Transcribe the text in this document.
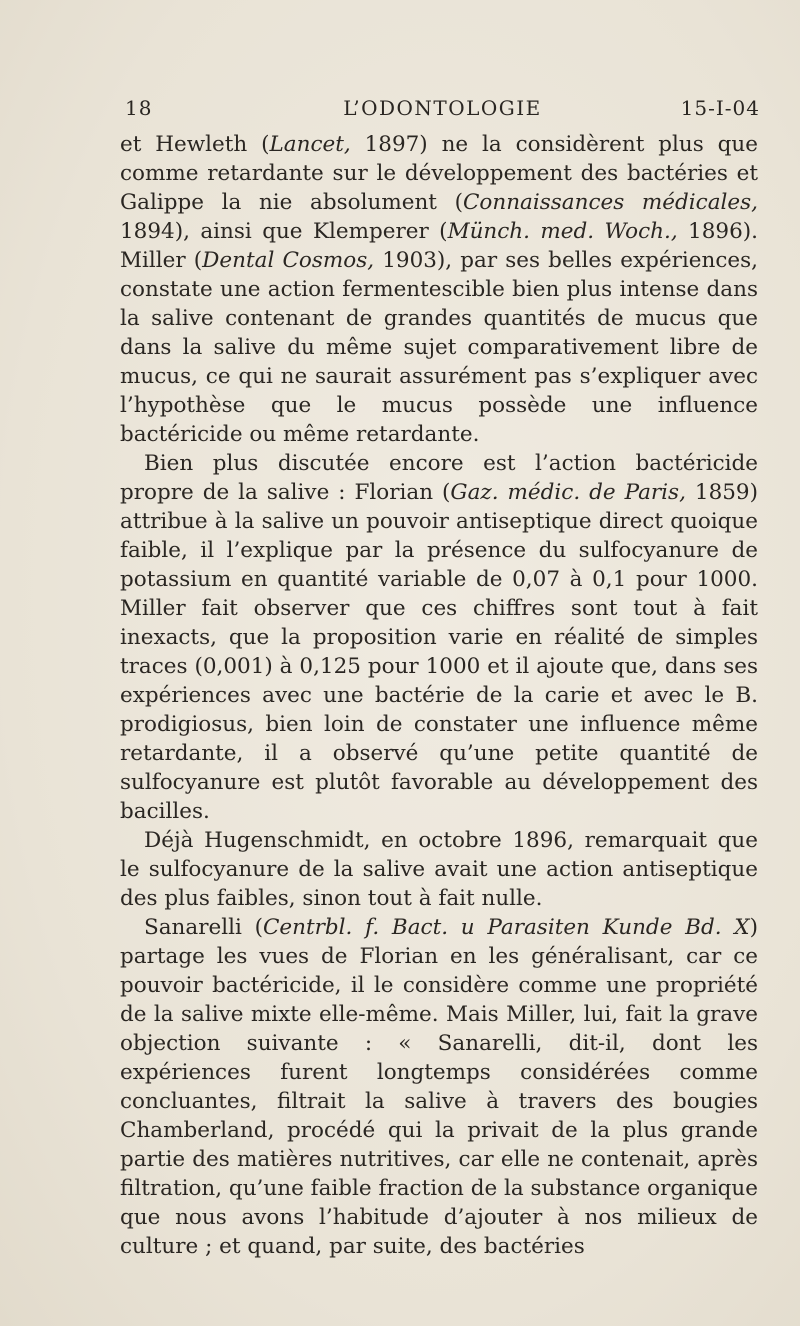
18	L’ODONTOLOGIE	15-I-04

et Hewleth (Lancet, 1897) ne la considèrent plus que comme retardante sur le développement des bactéries et Galippe la nie absolument (Connaissances médicales, 1894), ainsi que Klemperer (Münch. med. Woch., 1896). Miller (Dental Cosmos, 1903), par ses belles expériences, constate une action fermentescible bien plus intense dans la salive contenant de grandes quantités de mucus que dans la salive du même sujet comparativement libre de mucus, ce qui ne saurait assurément pas s’expliquer avec l’hypothèse que le mucus possède une influence bactéricide ou même retardante.

Bien plus discutée encore est l’action bactéricide propre de la salive : Florian (Gaz. médic. de Paris, 1859) attribue à la salive un pouvoir antiseptique direct quoique faible, il l’explique par la présence du sulfocyanure de potassium en quantité variable de 0,07 à 0,1 pour 1000. Miller fait observer que ces chiffres sont tout à fait inexacts, que la proposition varie en réalité de simples traces (0,001) à 0,125 pour 1000 et il ajoute que, dans ses expériences avec une bactérie de la carie et avec le B. prodigiosus, bien loin de constater une influence même retardante, il a observé qu’une petite quantité de sulfocyanure est plutôt favorable au développement des bacilles.

Déjà Hugenschmidt, en octobre 1896, remarquait que le sulfocyanure de la salive avait une action antiseptique des plus faibles, sinon tout à fait nulle.

Sanarelli (Centrbl. f. Bact. u Parasiten Kunde Bd. X) partage les vues de Florian en les généralisant, car ce pouvoir bactéricide, il le considère comme une propriété de la salive mixte elle-même. Mais Miller, lui, fait la grave objection suivante : « Sanarelli, dit-il, dont les expériences furent longtemps considérées comme concluantes, filtrait la salive à travers des bougies Chamberland, procédé qui la privait de la plus grande partie des matières nutritives, car elle ne contenait, après filtration, qu’une faible fraction de la substance organique que nous avons l’habitude d’ajouter à nos milieux de culture ; et quand, par suite, des bactéries
